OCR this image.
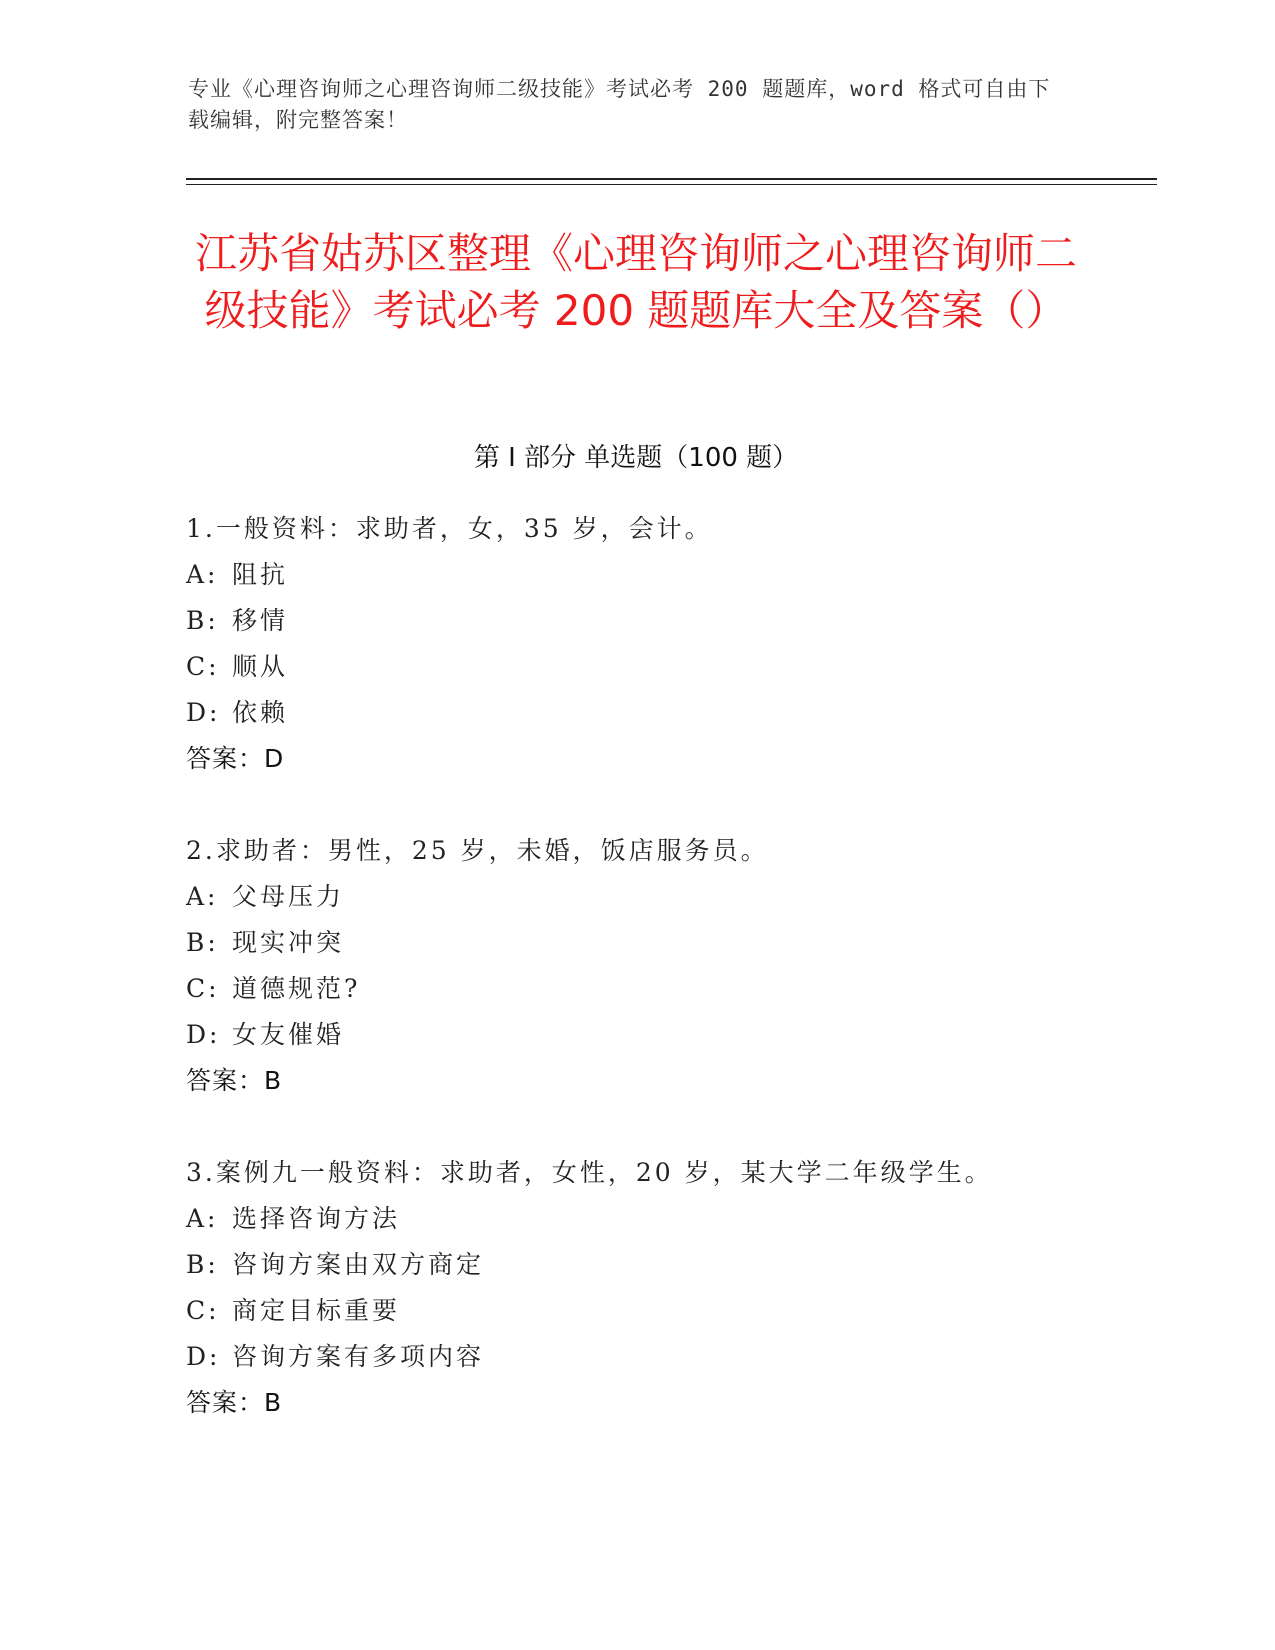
专业《心理咨询师之心理咨询师二级技能》考试必考 200 题题库，word 格式可自由下载编辑，附完整答案！
江苏省姑苏区整理《心理咨询师之心理咨询师二级技能》考试必考 200 题题库大全及答案（）
第 I 部分 单选题（100 题）
1.一般资料：求助者，女，35 岁，会计。
A: 阻抗
B: 移情
C: 顺从
D: 依赖
答案：D
2.求助者：男性，25 岁，未婚，饭店服务员。
A: 父母压力
B: 现实冲突
C: 道德规范?
D: 女友催婚
答案：B
3.案例九一般资料：求助者，女性，20 岁，某大学二年级学生。
A: 选择咨询方法
B: 咨询方案由双方商定
C: 商定目标重要
D: 咨询方案有多项内容
答案：B
